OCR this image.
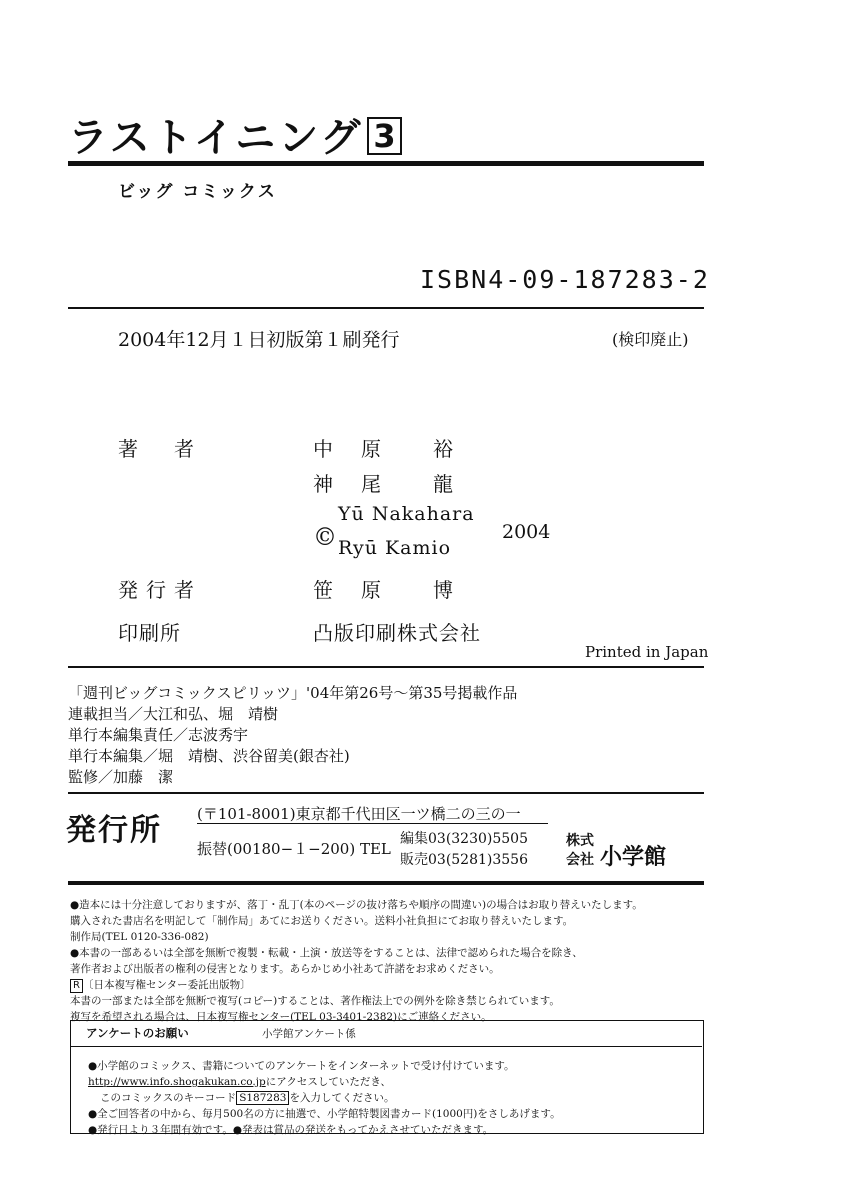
ラストイニング 3
ビッグ コミックス
ISBN4-09-187283-2
2004年12月１日初版第１刷発行	(検印廃止)
著　者	中　原　　裕
神　尾　　龍
©
Yū Nakahara
Ryū Kamio
2004
発行者	笹　原　　博
印刷所	凸版印刷株式会社
Printed in Japan
「週刊ビッグコミックスピリッツ」'04年第26号〜第35号掲載作品
連載担当／大江和弘、堀　靖樹
単行本編集責任／志波秀宇
単行本編集／堀　靖樹、渋谷留美(銀杏社)
監修／加藤　潔
発行所 (〒101-8001)東京都千代田区一ツ橋二の三の一
振替(00180−１−200) TEL
編集03(3230)5505
販売03(5281)3556
株式
会社 小学館
●造本には十分注意しておりますが、落丁・乱丁(本のページの抜け落ちや順序の間違い)の場合はお取り替えいたします。
購入された書店名を明記して「制作局」あてにお送りください。送料小社負担にてお取り替えいたします。
制作局(TEL 0120-336-082)
●本書の一部あるいは全部を無断で複製・転載・上演・放送等をすることは、法律で認められた場合を除き、
著作者および出版者の権利の侵害となります。あらかじめ小社あて許諾をお求めください。
R 〔日本複写権センター委託出版物〕
本書の一部または全部を無断で複写(コピー)することは、著作権法上での例外を除き禁じられています。
複写を希望される場合は、日本複写権センター(TEL 03-3401-2382)にご連絡ください。
アンケートのお願い	小学館アンケート係
●小学館のコミックス、書籍についてのアンケートをインターネットで受け付けています。
http://www.info.shogakukan.co.jpにアクセスしていただき、
このコミックスのキーコード S187283 を入力してください。
●全ご回答者の中から、毎月500名の方に抽選で、小学館特製図書カード(1000円)をさしあげます。
●発行日より３年間有効です。●発表は賞品の発送をもってかえさせていただきます。
